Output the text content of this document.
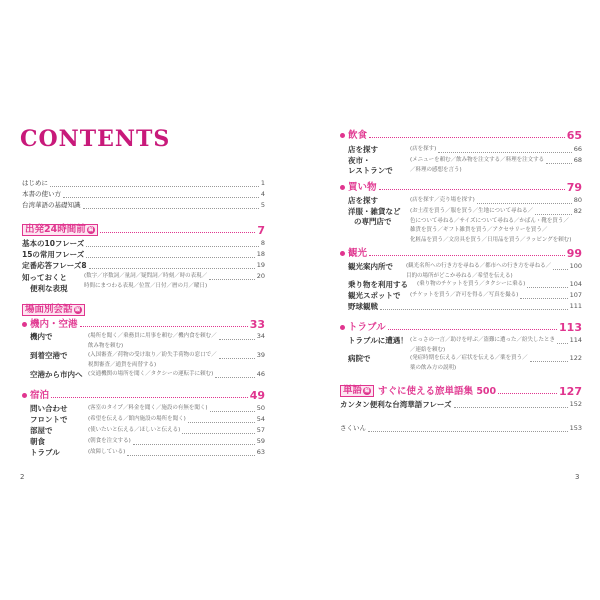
CONTENTS
はじめに	1
本書の使い方	4
台湾華語の基礎知識	5
出発24時間前 編	7
基本の10フレーズ	8
15の常用フレーズ	18
定番応答フレーズ8	19
知っておくと
便利な表現
(数字／序数詞／量詞／疑問詞／時刻／時の表現／	20
時間にまつわる表現／位置／日付／暦の月／曜日)
場面別会話 編
機内・空港	33
機内で	(場所を聞く／乗務員に用事を頼む／機内食を頼む／	34
飲み物を頼む)
到着空港で	(入国審査／荷物の受け取り／紛失手荷物の窓口で／	39
税関審査／通貨を両替する)
空港から市内へ	(交通機関の場所を聞く／タクシーの運転手に頼む)	46
宿泊	49
問い合わせ	(客室のタイプ／料金を聞く／施設の有無を聞く)	50
フロントで	(希望を伝える／館内施設の場所を聞く)	54
部屋で	(使いたいと伝える／ほしいと伝える)	57
朝食	(朝食を注文する)	59
トラブル	(故障している)	63
2
飲食	65
店を探す	(店を探す)	66
夜市・
レストランで
(メニューを頼む／飲み物を注文する／料理を注文する	68
／料理の感想を言う)
買い物	79
店を探す	(店を探す／売り場を探す)	80
洋服・雑貨など
の専門店で
(お土産を買う／服を買う／生地について尋ねる／	82
色について尋ねる／サイズについて尋ねる／かばん・靴を買う／
雑貨を買う／ギフト雑貨を買う／アクセサリーを買う／
化粧品を買う／文房具を買う／日用品を買う／ラッピングを頼む)
観光	99
観光案内所で	(観光名所への行き方を尋ねる／都市への行き方を尋ねる／	100
目的の場所がどこか尋ねる／希望を伝える)
乗り物を利用する	(乗り物のチケットを買う／タクシーに乗る)	104
観光スポットで	(チケットを買う／許可を得る／写真を撮る)	107
野球観戦	111
トラブル	113
トラブルに遭遇！ (とっさの一言／助けを呼ぶ／盗難に遭った／紛失したとき 114
／連絡を頼む)
病院で	(発症時期を伝える／症状を伝える／薬を買う／	122
薬の飲み方の説明)
単語 編 すぐに使える旅単語集 500	127
カンタン便利な台湾華語フレーズ	152
さくいん	153
3
